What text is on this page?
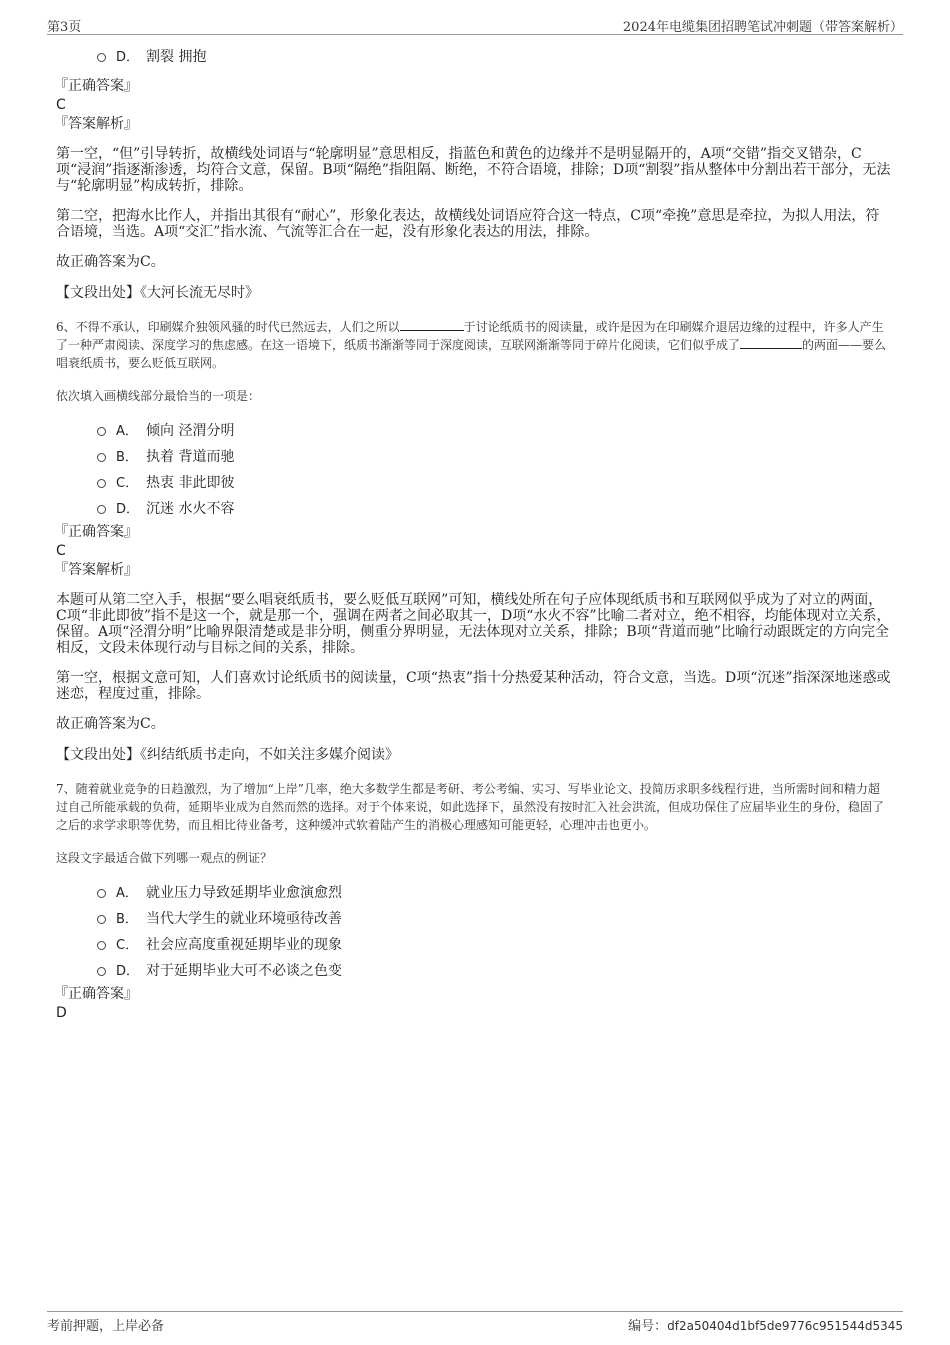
第3页	2024年电缆集团招聘笔试冲刺题（带答案解析）
D． 割裂 拥抱
『正确答案』
C
『答案解析』
第一空，“但”引导转折，故横线处词语与“轮廓明显”意思相反，指蓝色和黄色的边缘并不是明显隔开的，A项“交错”指交叉错杂，C项“浸润”指逐渐渗透，均符合文意，保留。B项“隔绝”指阻隔、断绝，不符合语境，排除；D项“割裂”指从整体中分割出若干部分，无法与“轮廓明显”构成转折，排除。
第二空，把海水比作人，并指出其很有“耐心”，形象化表达，故横线处词语应符合这一特点，C项“牵挽”意思是牵拉，为拟人用法，符合语境，当选。A项“交汇”指水流、气流等汇合在一起，没有形象化表达的用法，排除。
故正确答案为C。
【文段出处】《大河长流无尽时》
6、不得不承认，印刷媒介独领风骚的时代已然远去，人们之所以	于讨论纸质书的阅读量，或许是因为在印刷媒介退居边缘的过程中，许多人产生了一种严肃阅读、深度学习的焦虑感。在这一语境下，纸质书渐渐等同于深度阅读，互联网渐渐等同于碎片化阅读，它们似乎成了	的两面——要么唱衰纸质书，要么贬低互联网。
依次填入画横线部分最恰当的一项是：
A． 倾向 泾渭分明
B． 执着 背道而驰
C． 热衷 非此即彼
D． 沉迷 水火不容
『正确答案』
C
『答案解析』
本题可从第二空入手，根据“要么唱衰纸质书，要么贬低互联网”可知，横线处所在句子应体现纸质书和互联网似乎成为了对立的两面，C项“非此即彼”指不是这一个，就是那一个，强调在两者之间必取其一，D项“水火不容”比喻二者对立，绝不相容，均能体现对立关系，保留。A项“泾渭分明”比喻界限清楚或是非分明，侧重分界明显，无法体现对立关系，排除；B项“背道而驰”比喻行动跟既定的方向完全相反，文段未体现行动与目标之间的关系，排除。
第一空，根据文意可知，人们喜欢讨论纸质书的阅读量，C项“热衷”指十分热爱某种活动，符合文意，当选。D项“沉迷”指深深地迷惑或迷恋，程度过重，排除。
故正确答案为C。
【文段出处】《纠结纸质书走向，不如关注多媒介阅读》
7、随着就业竞争的日趋激烈，为了增加“上岸”几率，绝大多数学生都是考研、考公考编、实习、写毕业论文、投简历求职多线程行进，当所需时间和精力超过自己所能承载的负荷，延期毕业成为自然而然的选择。对于个体来说，如此选择下，虽然没有按时汇入社会洪流，但成功保住了应届毕业生的身份，稳固了之后的求学求职等优势，而且相比待业备考，这种缓冲式软着陆产生的消极心理感知可能更轻，心理冲击也更小。
这段文字最适合做下列哪一观点的例证？
A． 就业压力导致延期毕业愈演愈烈
B． 当代大学生的就业环境亟待改善
C． 社会应高度重视延期毕业的现象
D． 对于延期毕业大可不必谈之色变
『正确答案』
D
考前押题，上岸必备	编号：df2a50404d1bf5de9776c951544d5345
